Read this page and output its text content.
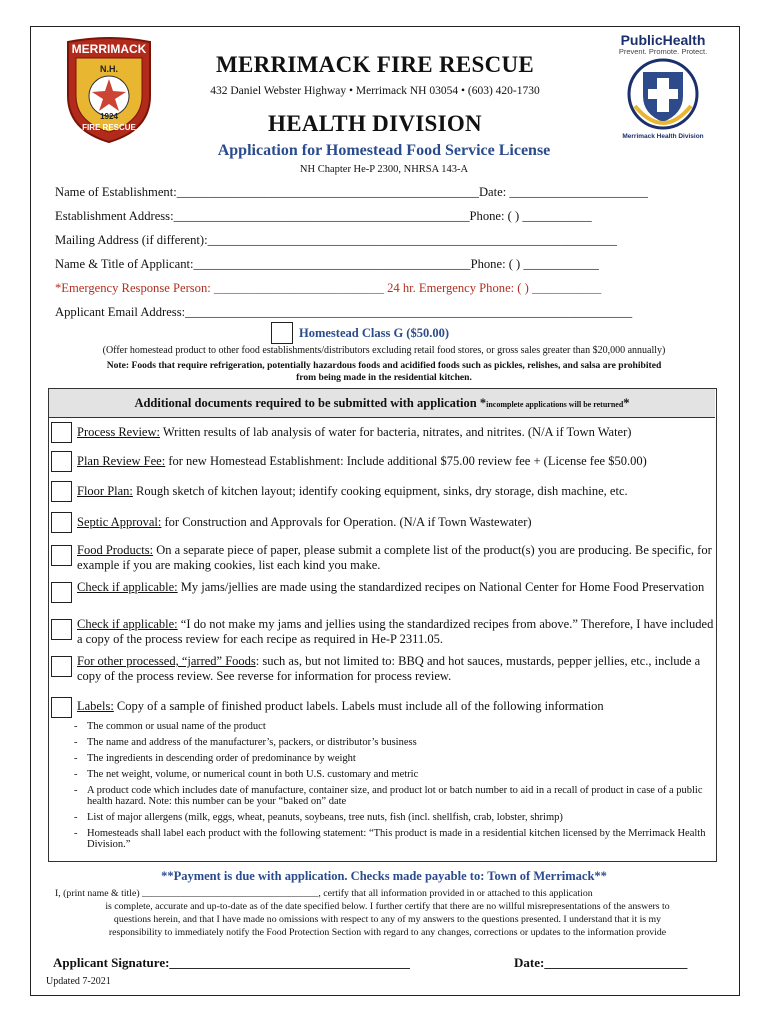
MERRIMACK
N.H.
1924
FIRE RESCUE
MERRIMACK FIRE RESCUE
432 Daniel Webster Highway • Merrimack NH 03054 • (603) 420-1730
HEALTH DIVISION
PublicHealth
Prevent. Promote. Protect.
Merrimack Health Division
Application for Homestead Food Service License
NH Chapter He-P 2300, NHRSA 143-A
Name of Establishment:________________________________________________Date: ______________________
Establishment Address:_______________________________________________Phone: ( ) ___________
Mailing Address (if different):_________________________________________________________________
Name & Title of Applicant:____________________________________________Phone: ( ) ____________
*Emergency Response Person: ___________________________ 24 hr. Emergency Phone: ( ) ___________
Applicant Email Address:_______________________________________________________________________
Homestead Class G ($50.00)
(Offer homestead product to other food establishments/distributors excluding retail food stores, or gross sales greater than $20,000 annually)
Note: Foods that require refrigeration, potentially hazardous foods and acidified foods such as pickles, relishes, and salsa are prohibited
from being made in the residential kitchen.
Additional documents required to be submitted with application *incomplete applications will be returned*
Process Review: Written results of lab analysis of water for bacteria, nitrates, and nitrites. (N/A if Town Water)
Plan Review Fee: for new Homestead Establishment: Include additional $75.00 review fee + (License fee $50.00)
Floor Plan: Rough sketch of kitchen layout; identify cooking equipment, sinks, dry storage, dish machine, etc.
Septic Approval: for Construction and Approvals for Operation. (N/A if Town Wastewater)
Food Products: On a separate piece of paper, please submit a complete list of the product(s) you are producing. Be specific, for example if you are making cookies, list each kind you make.
Check if applicable: My jams/jellies are made using the standardized recipes on National Center for Home Food Preservation
Check if applicable: “I do not make my jams and jellies using the standardized recipes from above.” Therefore, I have included a copy of the process review for each recipe as required in He-P 2311.05.
For other processed, “jarred” Foods: such as, but not limited to: BBQ and hot sauces, mustards, pepper jellies, etc., include a copy of the process review. See reverse for information for process review.
Labels: Copy of a sample of finished product labels. Labels must include all of the following information
- The common or usual name of the product
- The name and address of the manufacturer’s, packers, or distributor’s business
- The ingredients in descending order of predominance by weight
- The net weight, volume, or numerical count in both U.S. customary and metric
- A product code which includes date of manufacture, container size, and product lot or batch number to aid in a recall of product in case of a public health hazard. Note: this number can be your “baked on” date
- List of major allergens (milk, eggs, wheat, peanuts, soybeans, tree nuts, fish (incl. shellfish, crab, lobster, shrimp)
- Homesteads shall label each product with the following statement: “This product is made in a residential kitchen licensed by the Merrimack Health Division.”
**Payment is due with application. Checks made payable to: Town of Merrimack**
I, (print name & title) ____________________________________, certify that all information provided in or attached to this application
is complete, accurate and up-to-date as of the date specified below. I further certify that there are no willful misrepresentations of the answers to
questions herein, and that I have made no omissions with respect to any of my answers to the questions presented. I understand that it is my
responsibility to immediately notify the Food Protection Section with regard to any changes, corrections or updates to the information provide
Applicant Signature:_____________________________________	Date:______________________
Updated 7-2021
